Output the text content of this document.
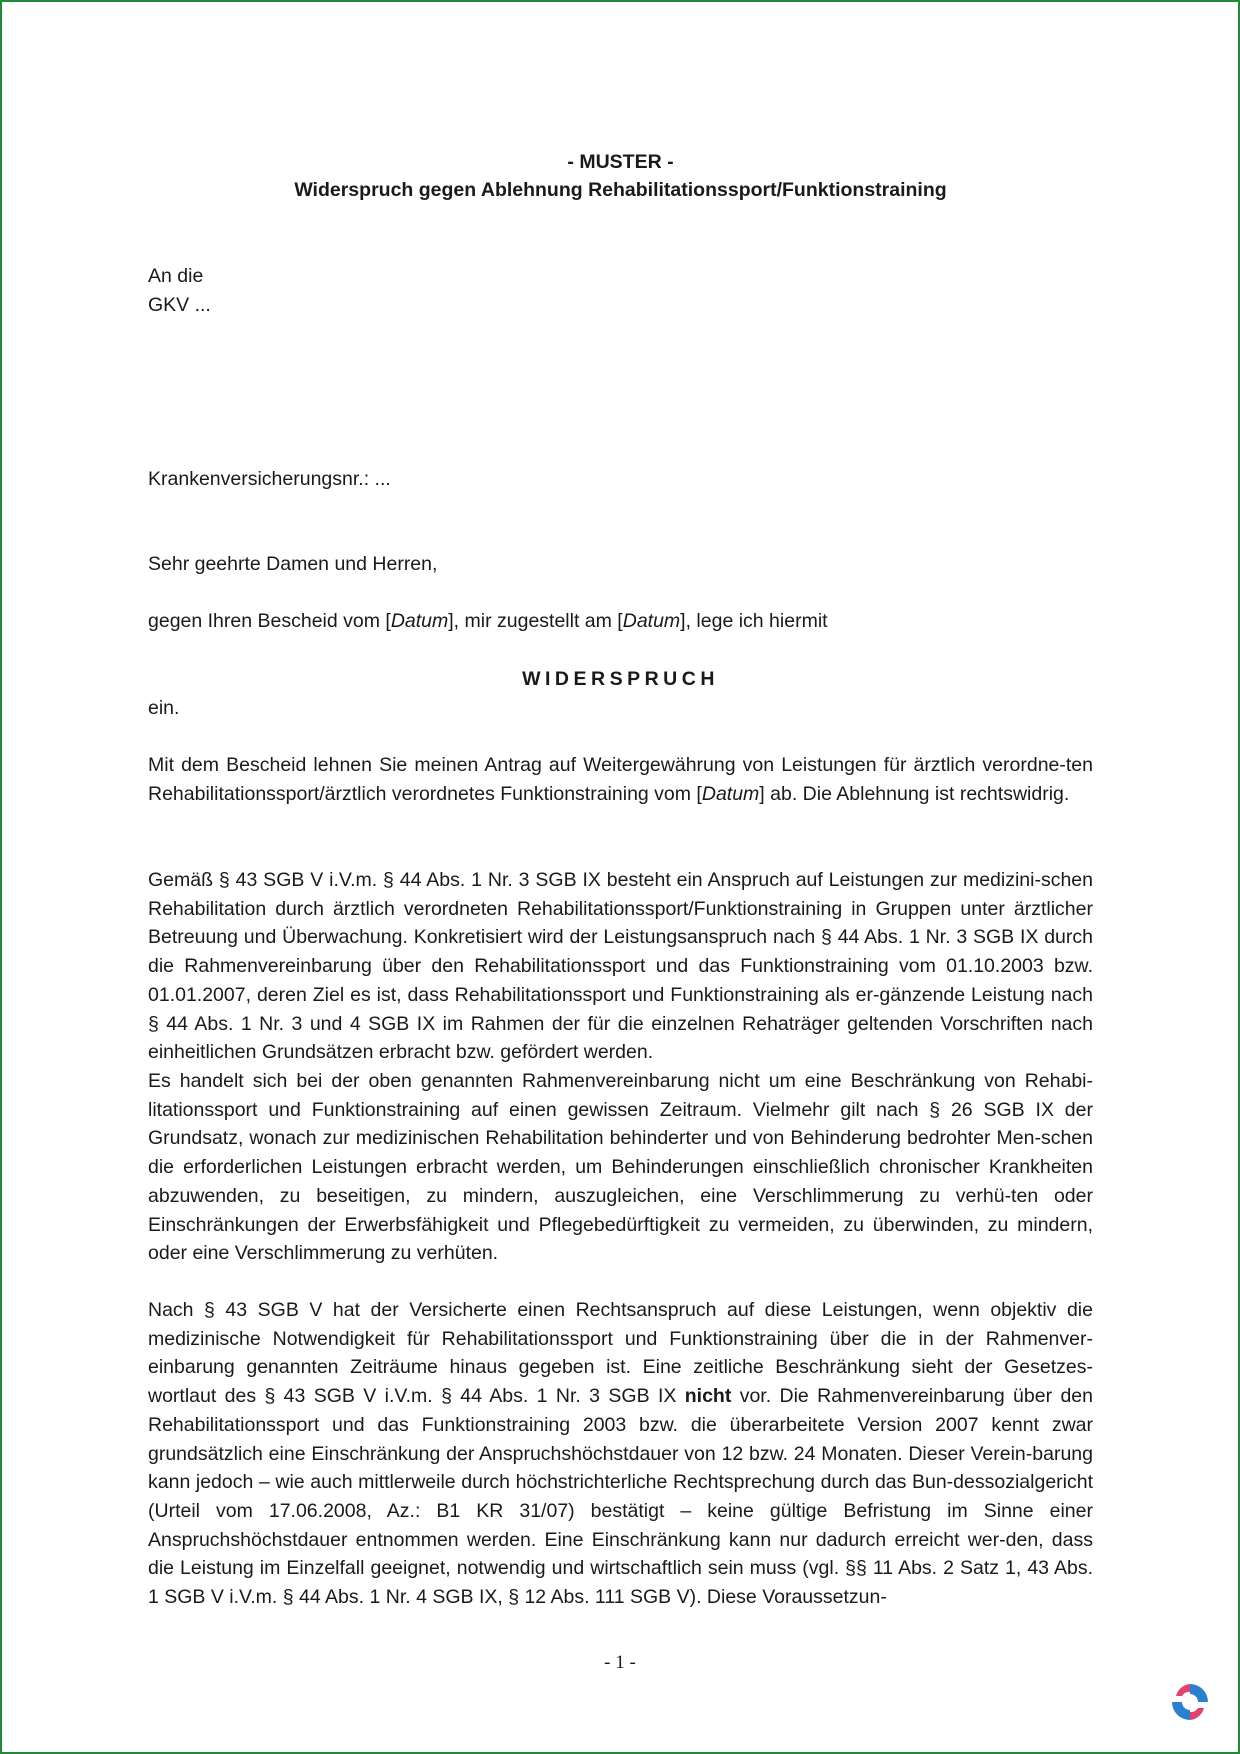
- MUSTER -
Widerspruch gegen Ablehnung Rehabilitationssport/Funktionstraining
An die
GKV ...
Krankenversicherungsnr.: ...
Sehr geehrte Damen und Herren,
gegen Ihren Bescheid vom [Datum], mir zugestellt am [Datum], lege ich hiermit
WIDERSPRUCH
ein.
Mit dem Bescheid lehnen Sie meinen Antrag auf Weitergewährung von Leistungen für ärztlich verordne-ten Rehabilitationssport/ärztlich verordnetes Funktionstraining vom [Datum] ab. Die Ablehnung ist rechtswidrig.
Gemäß § 43 SGB V i.V.m. § 44 Abs. 1 Nr. 3 SGB IX besteht ein Anspruch auf Leistungen zur medizini-schen Rehabilitation durch ärztlich verordneten Rehabilitationssport/Funktionstraining in Gruppen unter ärztlicher Betreuung und Überwachung. Konkretisiert wird der Leistungsanspruch nach § 44 Abs. 1 Nr. 3 SGB IX durch die Rahmenvereinbarung über den Rehabilitationssport und das Funktionstraining vom 01.10.2003 bzw. 01.01.2007, deren Ziel es ist, dass Rehabilitationssport und Funktionstraining als er-gänzende Leistung nach § 44 Abs. 1 Nr. 3 und 4 SGB IX im Rahmen der für die einzelnen Rehaträger geltenden Vorschriften nach einheitlichen Grundsätzen erbracht bzw. gefördert werden.
Es handelt sich bei der oben genannten Rahmenvereinbarung nicht um eine Beschränkung von Rehabi-litationssport und Funktionstraining auf einen gewissen Zeitraum. Vielmehr gilt nach § 26 SGB IX der Grundsatz, wonach zur medizinischen Rehabilitation behinderter und von Behinderung bedrohter Men-schen die erforderlichen Leistungen erbracht werden, um Behinderungen einschließlich chronischer Krankheiten abzuwenden, zu beseitigen, zu mindern, auszugleichen, eine Verschlimmerung zu verhü-ten oder Einschränkungen der Erwerbsfähigkeit und Pflegebedürftigkeit zu vermeiden, zu überwinden, zu mindern, oder eine Verschlimmerung zu verhüten.
Nach § 43 SGB V hat der Versicherte einen Rechtsanspruch auf diese Leistungen, wenn objektiv die medizinische Notwendigkeit für Rehabilitationssport und Funktionstraining über die in der Rahmenver-einbarung genannten Zeiträume hinaus gegeben ist. Eine zeitliche Beschränkung sieht der Gesetzes-wortlaut des § 43 SGB V i.V.m. § 44 Abs. 1 Nr. 3 SGB IX nicht vor. Die Rahmenvereinbarung über den Rehabilitationssport und das Funktionstraining 2003 bzw. die überarbeitete Version 2007 kennt zwar grundsätzlich eine Einschränkung der Anspruchshöchstdauer von 12 bzw. 24 Monaten. Dieser Verein-barung kann jedoch – wie auch mittlerweile durch höchstrichterliche Rechtsprechung durch das Bun-dessozialgericht (Urteil vom 17.06.2008, Az.: B1 KR 31/07) bestätigt – keine gültige Befristung im Sinne einer Anspruchshöchstdauer entnommen werden. Eine Einschränkung kann nur dadurch erreicht wer-den, dass die Leistung im Einzelfall geeignet, notwendig und wirtschaftlich sein muss (vgl. §§ 11 Abs. 2 Satz 1, 43 Abs. 1 SGB V i.V.m. § 44 Abs. 1 Nr. 4 SGB IX, § 12 Abs. 111 SGB V). Diese Voraussetzun-
- 1 -
